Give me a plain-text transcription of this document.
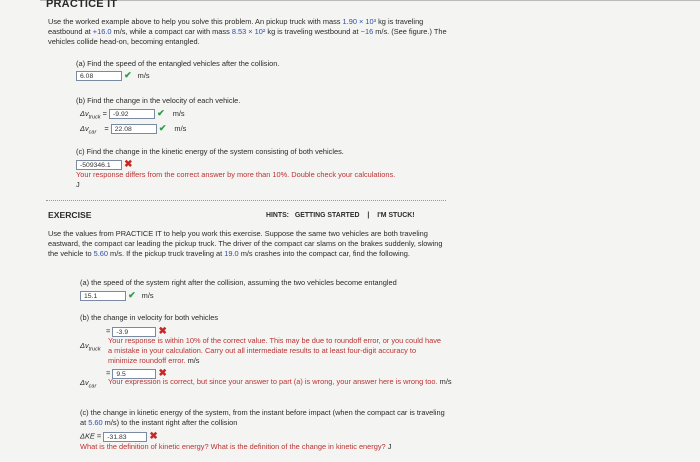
PRACTICE IT
Use the worked example above to help you solve this problem. An pickup truck with mass 1.90 × 10³ kg is traveling eastbound at +16.0 m/s, while a compact car with mass 8.53 × 10² kg is traveling westbound at −16 m/s. (See figure.) The vehicles collide head-on, becoming entangled.
(a) Find the speed of the entangled vehicles after the collision.
6.08	✔ m/s
(b) Find the change in the velocity of each vehicle.
$\Delta v_{truck} = -9.92$	✔ m/s
$\Delta v_{car} = 22.08$	✔ m/s
(c) Find the change in the kinetic energy of the system consisting of both vehicles.
-509346.1 ✖
Your response differs from the correct answer by more than 10%. Double check your calculations.
J
EXERCISE	HINTS: GETTING STARTED | I'M STUCK!
Use the values from PRACTICE IT to help you work this exercise. Suppose the same two vehicles are both traveling eastward, the compact car leading the pickup truck. The driver of the compact car slams on the brakes suddenly, slowing the vehicle to 5.60 m/s. If the pickup truck traveling at 19.0 m/s crashes into the compact car, find the following.
(a) the speed of the system right after the collision, assuming the two vehicles become entangled
15.1	✔ m/s
(b) the change in velocity for both vehicles
= -3.9	✖
$\Delta v_{truck}$
Your response is within 10% of the correct value. This may be due to roundoff error, or you could have a mistake in your calculation. Carry out all intermediate results to at least four-digit accuracy to minimize roundoff error. m/s
= 9.5	✖
$\Delta v_{car}$
Your expression is correct, but since your answer to part (a) is wrong, your answer here is wrong too. m/s
(c) the change in kinetic energy of the system, from the instant before impact (when the compact car is traveling at 5.60 m/s) to the instant right after the collision
ΔKE = -31.83 ✖
What is the definition of kinetic energy? What is the definition of the change in kinetic energy? J
